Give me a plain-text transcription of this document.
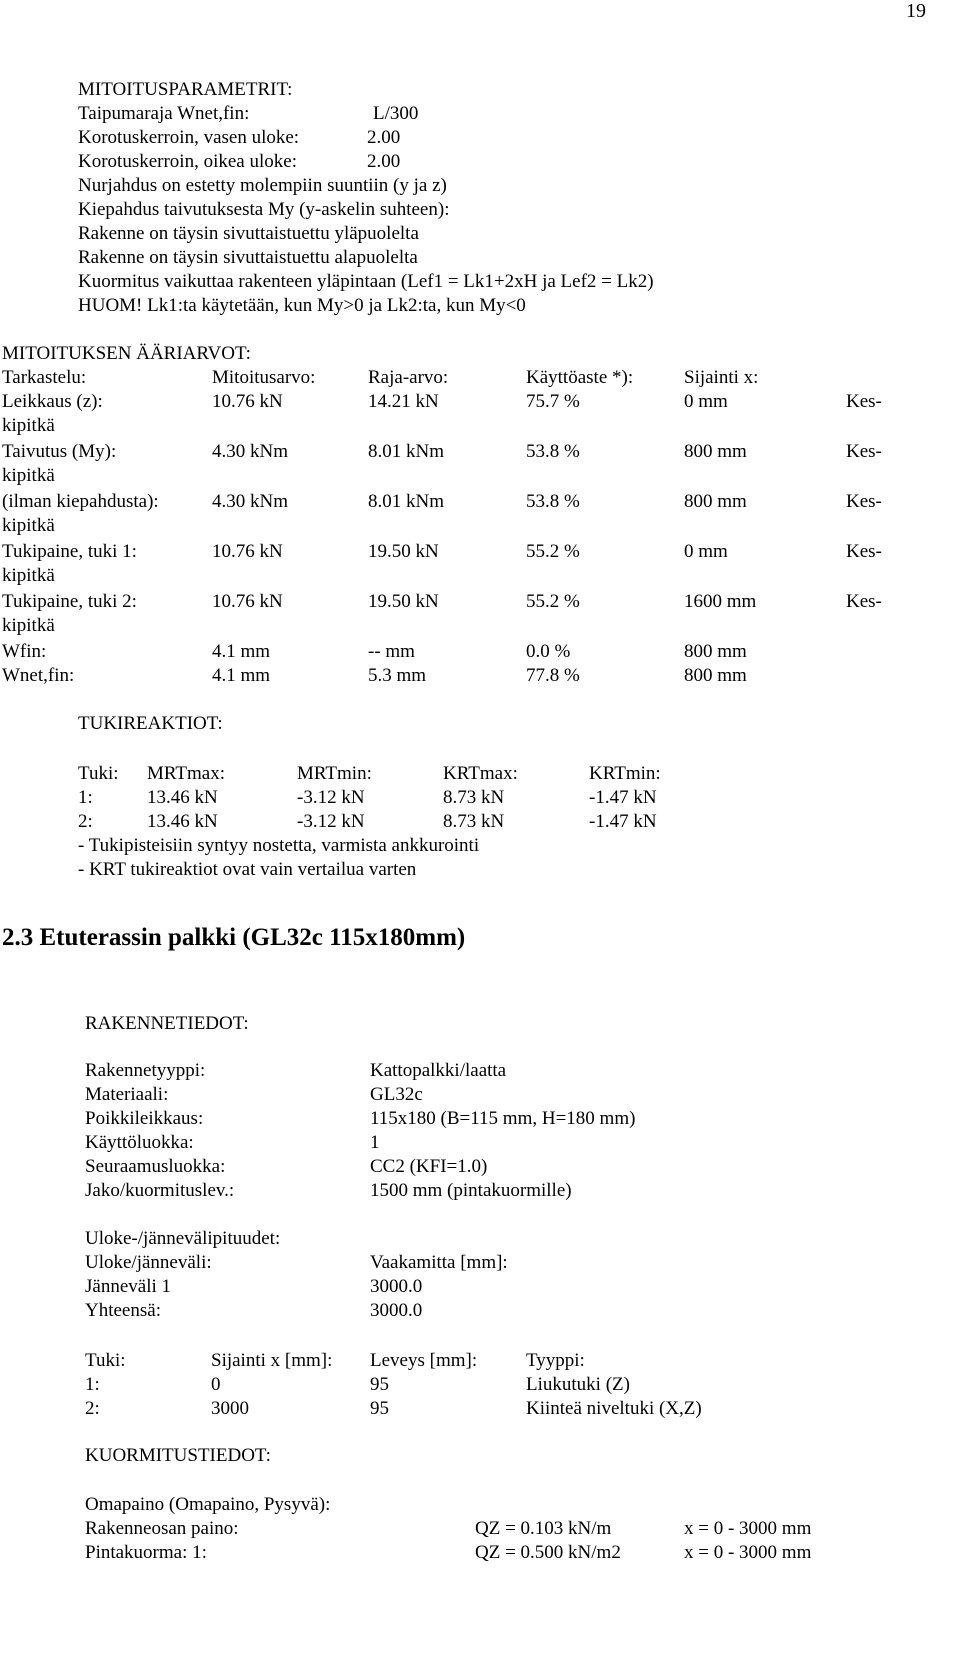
19
MITOITUSPARAMETRIT:
Taipumaraja Wnet,fin:	L/300
Korotuskerroin, vasen uloke:	2.00
Korotuskerroin, oikea uloke:	2.00
Nurjahdus on estetty molempiin suuntiin (y ja z)
Kiepahdus taivutuksesta My (y-askelin suhteen):
Rakenne on täysin sivuttaistuettu yläpuolelta
Rakenne on täysin sivuttaistuettu alapuolelta
Kuormitus vaikuttaa rakenteen yläpintaan (Lef1 = Lk1+2xH ja Lef2 = Lk2)
HUOM! Lk1:ta käytetään, kun My>0 ja Lk2:ta, kun My<0
MITOITUKSEN ÄÄRIARVOT:
Tarkastelu:	Mitoitusarvo:	Raja-arvo:	Käyttöaste *):	Sijainti x:
Leikkaus (z):	10.76 kN	14.21 kN	75.7 %	0 mm	Kes-
kipitkä
Taivutus (My):	4.30 kNm	8.01 kNm	53.8 %	800 mm	Kes-
kipitkä
(ilman kiepahdusta):	4.30 kNm	8.01 kNm	53.8 %	800 mm	Kes-
kipitkä
Tukipaine, tuki 1:	10.76 kN	19.50 kN	55.2 %	0 mm	Kes-
kipitkä
Tukipaine, tuki 2:	10.76 kN	19.50 kN	55.2 %	1600 mm	Kes-
kipitkä
Wfin:	4.1 mm	-- mm	0.0 %	800 mm
Wnet,fin:	4.1 mm	5.3 mm	77.8 %	800 mm
TUKIREAKTIOT:
Tuki: MRTmax:	MRTmin:	KRTmax:	KRTmin:
1:	13.46 kN	-3.12 kN	8.73 kN	-1.47 kN
2:	13.46 kN	-3.12 kN	8.73 kN	-1.47 kN
- Tukipisteisiin syntyy nostetta, varmista ankkurointi
- KRT tukireaktiot ovat vain vertailua varten
2.3 Etuterassin palkki (GL32c 115x180mm)
RAKENNETIEDOT:
Rakennetyyppi:	Kattopalkki/laatta
Materiaali:	GL32c
Poikkileikkaus:	115x180 (B=115 mm, H=180 mm)
Käyttöluokka:	1
Seuraamusluokka:	CC2 (KFI=1.0)
Jako/kuormituslev.:	1500 mm (pintakuormille)
Uloke-/jännevälipituudet:
Uloke/jänneväli:	Vaakamitta [mm]:
Jänneväli 1	3000.0
Yhteensä:	3000.0
Tuki:	Sijainti x [mm]: Leveys [mm]:	Tyyppi:
1:	0	95	Liukutuki (Z)
2:	3000	95	Kiinteä niveltuki (X,Z)
KUORMITUSTIEDOT:
Omapaino (Omapaino, Pysyvä):
Rakenneosan paino:	QZ = 0.103 kN/m	x = 0 - 3000 mm
Pintakuorma: 1:	QZ = 0.500 kN/m2	x = 0 - 3000 mm
